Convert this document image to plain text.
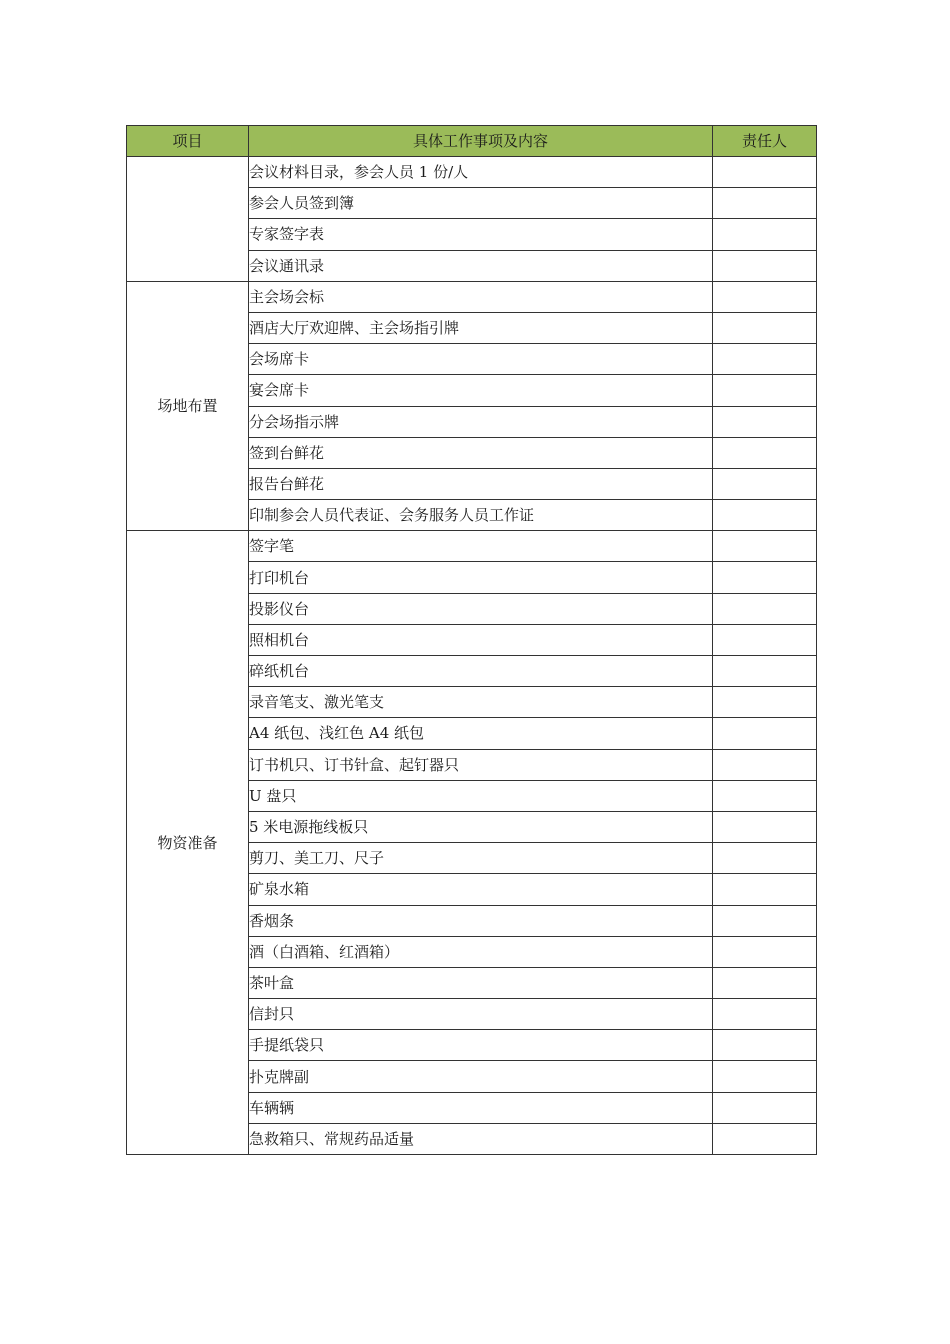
项目	具体工作事项及内容	责任人
	会议材料目录，参会人员 1 份/人	
	参会人员签到簿	
	专家签字表	
	会议通讯录	
场地布置	主会场会标	
	酒店大厅欢迎牌、主会场指引牌	
	会场席卡	
	宴会席卡	
	分会场指示牌	
	签到台鲜花	
	报告台鲜花	
	印制参会人员代表证、会务服务人员工作证	
物资准备	签字笔	
	打印机台	
	投影仪台	
	照相机台	
	碎纸机台	
	录音笔支、激光笔支	
	A4 纸包、浅红色 A4 纸包	
	订书机只、订书针盒、起钉器只	
	U 盘只	
	5 米电源拖线板只	
	剪刀、美工刀、尺子	
	矿泉水箱	
	香烟条	
	酒（白酒箱、红酒箱）	
	茶叶盒	
	信封只	
	手提纸袋只	
	扑克牌副	
	车辆辆	
	急救箱只、常规药品适量	
